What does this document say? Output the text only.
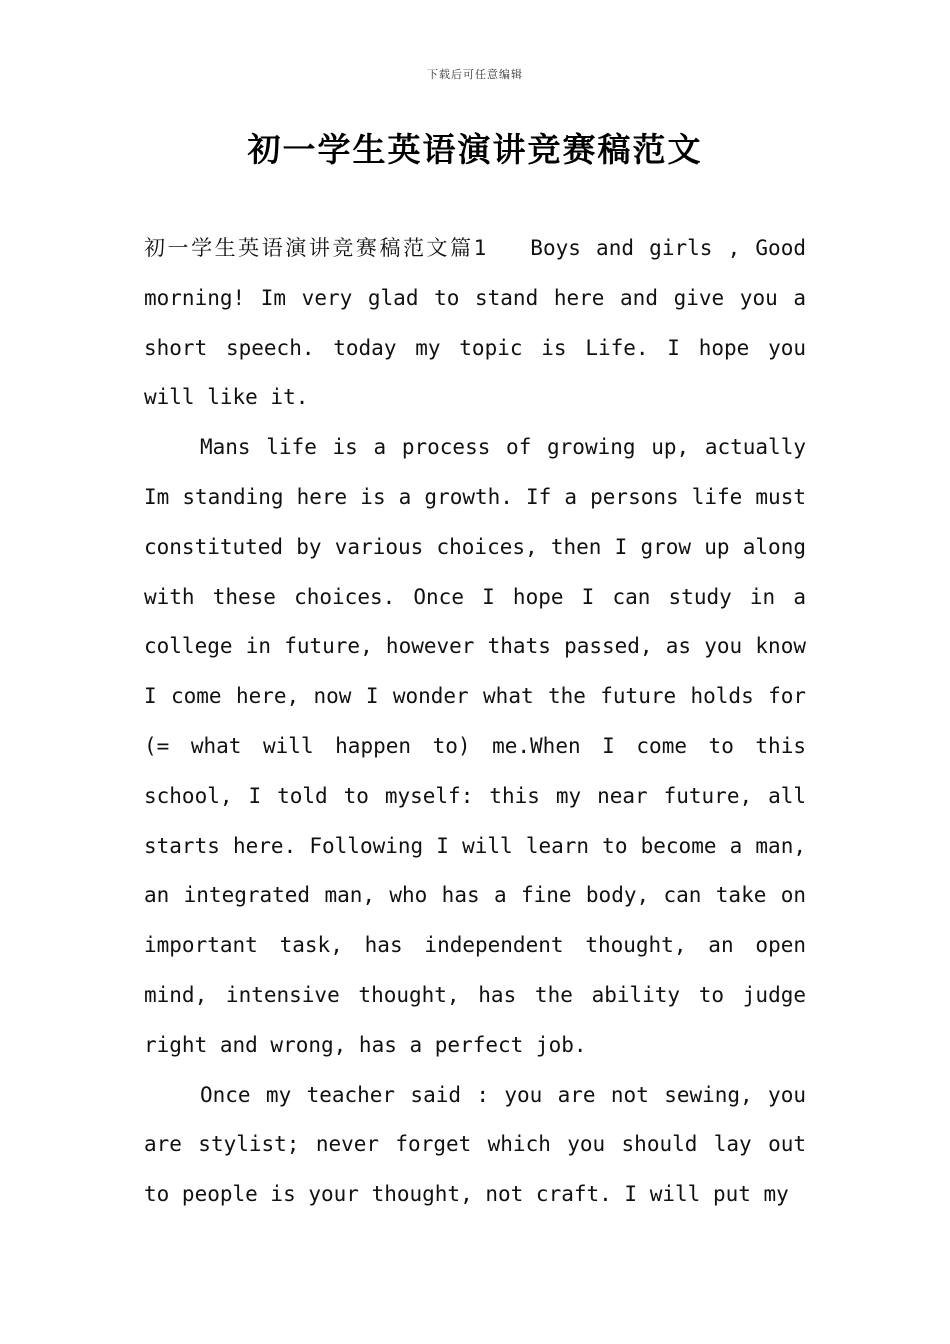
下载后可任意编辑
初一学生英语演讲竞赛稿范文

初一学生英语演讲竞赛稿范文篇1 Boys and girls , Good morning! Im very glad to stand here and give you a short speech. today my topic is Life. I hope you will like it.

Mans life is a process of growing up, actually Im standing here is a growth. If a persons life must constituted by various choices, then I grow up along with these choices. Once I hope I can study in a college in future, however thats passed, as you know I come here, now I wonder what the future holds for (= what will happen to) me.When I come to this school, I told to myself: this my near future, all starts here. Following I will learn to become a man, an integrated man, who has a fine body, can take on important task, has independent thought, an open mind, intensive thought, has the ability to judge right and wrong, has a perfect job.

Once my teacher said : you are not sewing, you are stylist; never forget which you should lay out to people is your thought, not craft. I will put my
